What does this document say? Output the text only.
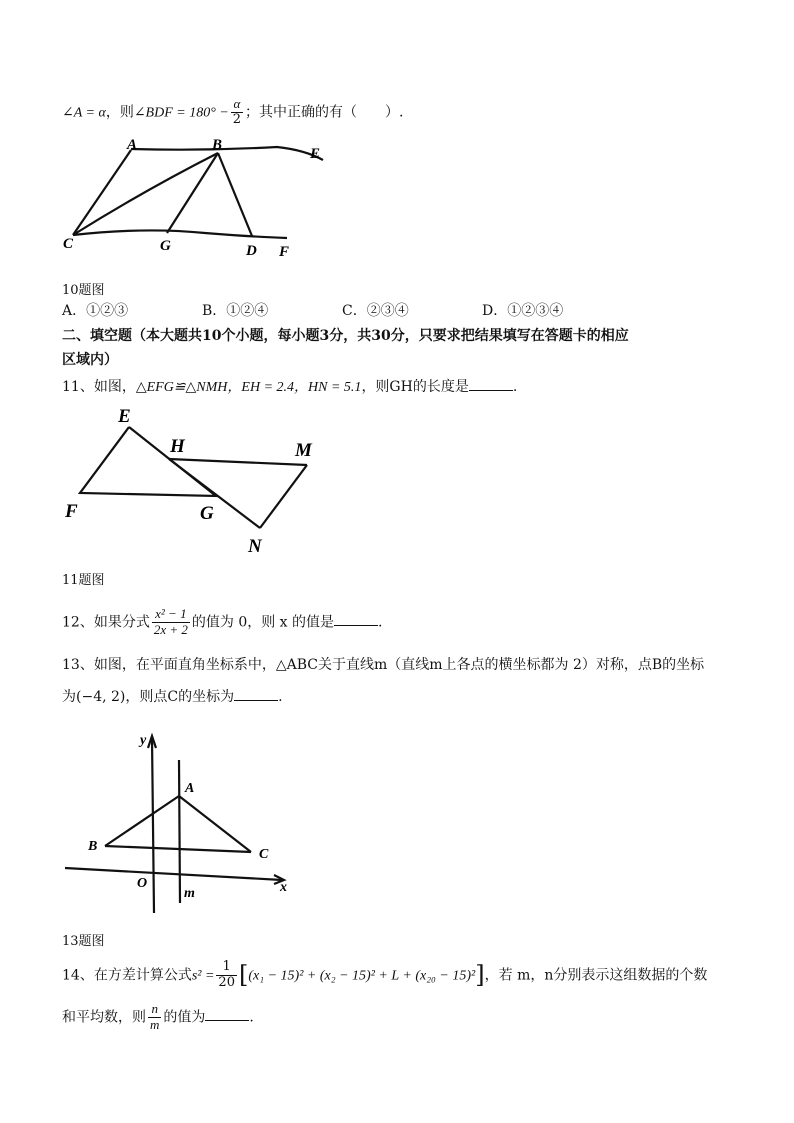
∠A = α，则∠BDF = $180^\circ - \frac{\alpha}{2}$ ；其中正确的有（　　）.
A	B
E
C	G	D F
10题图
A．①②③	B．①②④	C．②③④	D．①②③④
二、填空题（本大题共10个小题，每小题3分，共30分，只要求把结果填写在答题卡的相应
区域内）
11、如图，△EFG≌△NMH，EH = 2.4，HN = 5.1，则GH的长度是	.
E
H	M
F	G
N
11题图
12、如果分式 $\frac{\text{x² − 1}}{2x + 2}$ 的值为 0，则 x 的值是	.
13、如图，在平面直角坐标系中，△ABC关于直线m（直线m上各点的横坐标都为 2）对称，点B的坐标
为(−4, 2)，则点C的坐标为	.
y
A
B
C
O
m	x
13题图
14、在方差计算公式$s^2 = \frac{1}{20} [(x_1 - 15)^2 + (x_2 - 15)^2 + L + (x_{20} - 15)^2]$，若 m，n分别表示这组数据的个数
和平均数，则 $\frac{n}{m}$ 的值为	.
